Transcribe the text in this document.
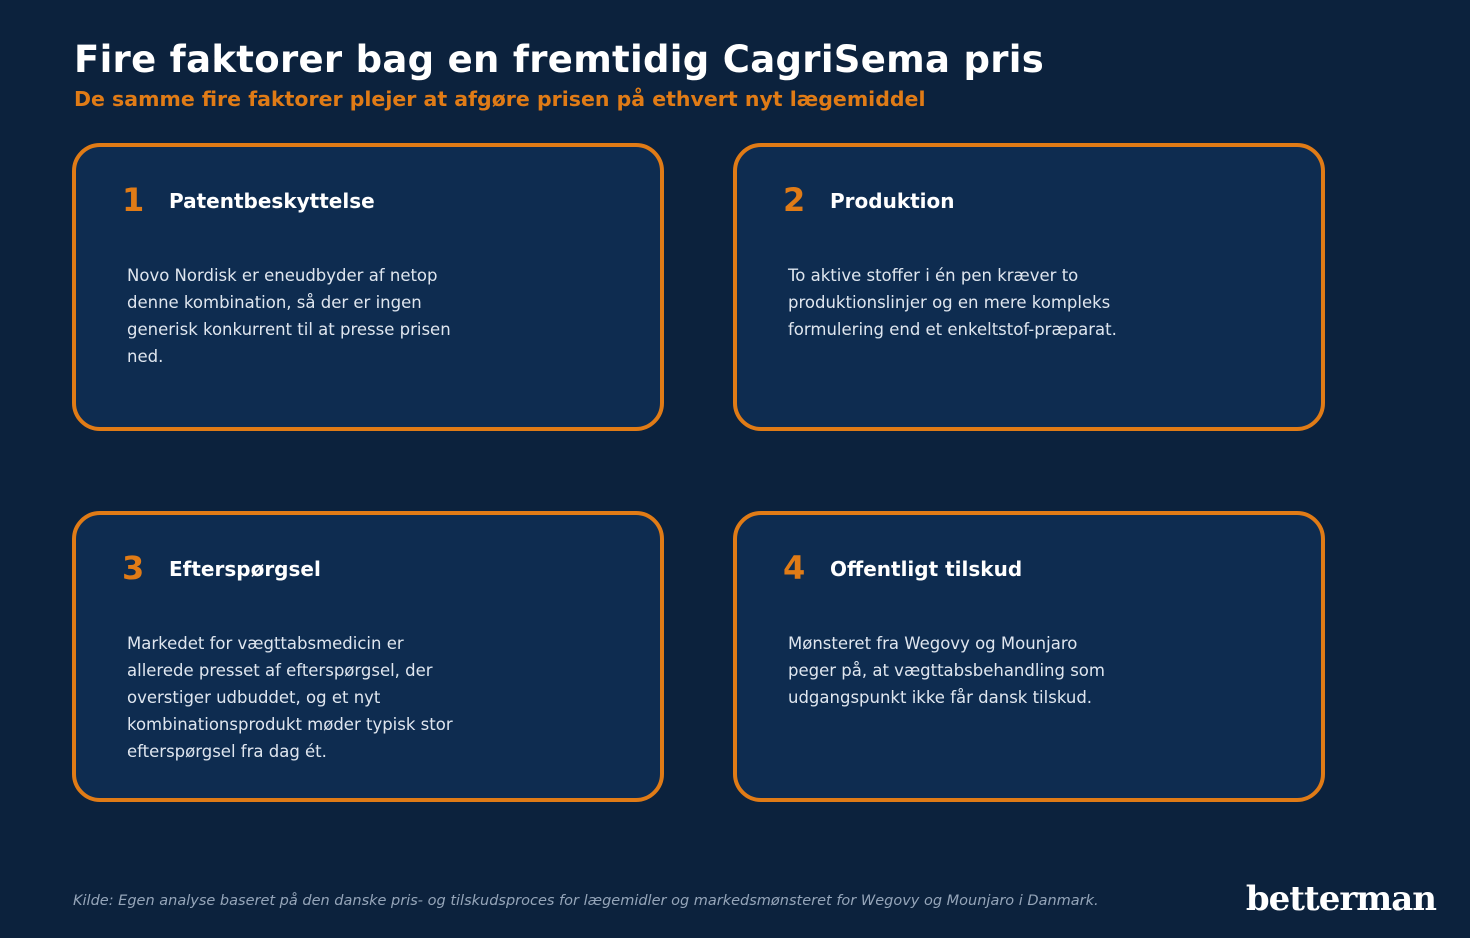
Fire faktorer bag en fremtidig CagriSema pris
De samme fire faktorer plejer at afgøre prisen på ethvert nyt lægemiddel
1 Patentbeskyttelse
Novo Nordisk er eneudbyder af netop denne kombination, så der er ingen generisk konkurrent til at presse prisen ned.
2 Produktion
To aktive stoffer i én pen kræver to produktionslinjer og en mere kompleks formulering end et enkeltstof-præparat.
3 Efterspørgsel
Markedet for vægttabsmedicin er allerede presset af efterspørgsel, der overstiger udbuddet, og et nyt kombinationsprodukt møder typisk stor efterspørgsel fra dag ét.
4 Offentligt tilskud
Mønsteret fra Wegovy og Mounjaro peger på, at vægttabsbehandling som udgangspunkt ikke får dansk tilskud.
Kilde: Egen analyse baseret på den danske pris- og tilskudsproces for lægemidler og markedsmønsteret for Wegovy og Mounjaro i Danmark.	betterman
